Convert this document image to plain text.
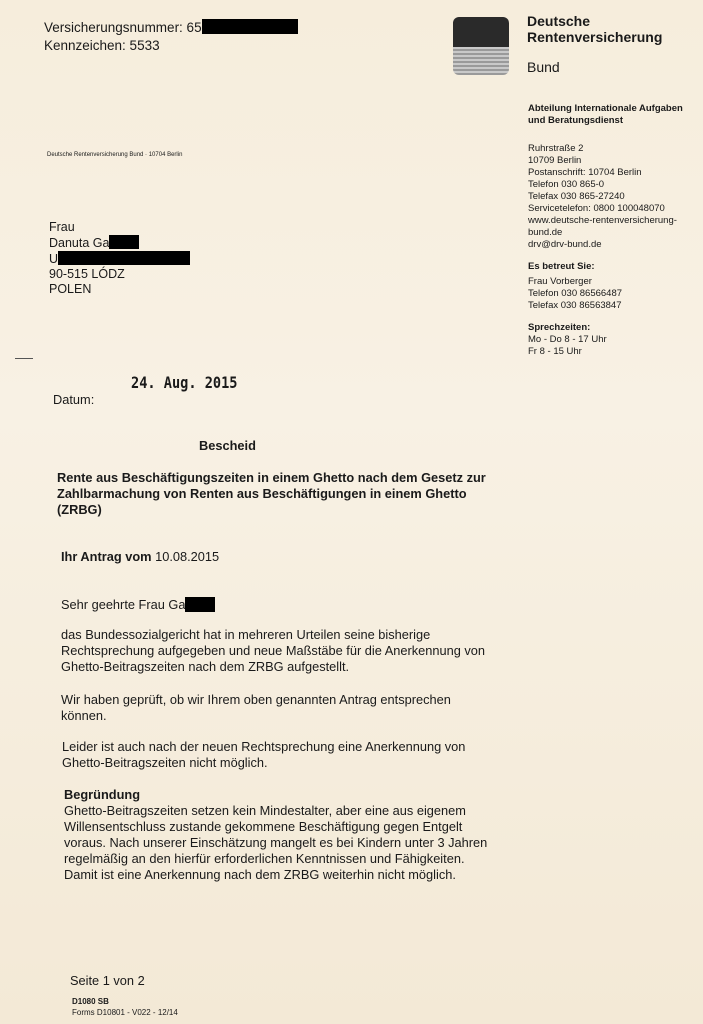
Versicherungsnummer: 65
Kennzeichen: 5533
Deutsche
Rentenversicherung
Bund
Abteilung Internationale Aufgaben
und Beratungsdienst
Ruhrstraße 2
10709 Berlin
Postanschrift: 10704 Berlin
Telefon 030 865-0
Telefax 030 865-27240
Servicetelefon: 0800 100048070
www.deutsche-rentenversicherung-
bund.de
drv@drv-bund.de
Es betreut Sie:
Frau Vorberger
Telefon 030 86566487
Telefax 030 86563847
Sprechzeiten:
Mo - Do 8 - 17 Uhr
Fr 8 - 15 Uhr
Deutsche Rentenversicherung Bund · 10704 Berlin
Frau
Danuta Ga
U
90-515 LÓDZ
POLEN
24. Aug. 2015
Datum:
Bescheid
Rente aus Beschäftigungszeiten in einem Ghetto nach dem Gesetz zur
Zahlbarmachung von Renten aus Beschäftigungen in einem Ghetto
(ZRBG)
Ihr Antrag vom 10.08.2015
Sehr geehrte Frau Ga
das Bundessozialgericht hat in mehreren Urteilen seine bisherige
Rechtsprechung aufgegeben und neue Maßstäbe für die Anerkennung von
Ghetto-Beitragszeiten nach dem ZRBG aufgestellt.
Wir haben geprüft, ob wir Ihrem oben genannten Antrag entsprechen
können.
Leider ist auch nach der neuen Rechtsprechung eine Anerkennung von
Ghetto-Beitragszeiten nicht möglich.
Begründung
Ghetto-Beitragszeiten setzen kein Mindestalter, aber eine aus eigenem
Willensentschluss zustande gekommene Beschäftigung gegen Entgelt
voraus. Nach unserer Einschätzung mangelt es bei Kindern unter 3 Jahren
regelmäßig an den hierfür erforderlichen Kenntnissen und Fähigkeiten.
Damit ist eine Anerkennung nach dem ZRBG weiterhin nicht möglich.
Seite 1 von 2
D1080 SB
Forms D10801 - V022 - 12/14
